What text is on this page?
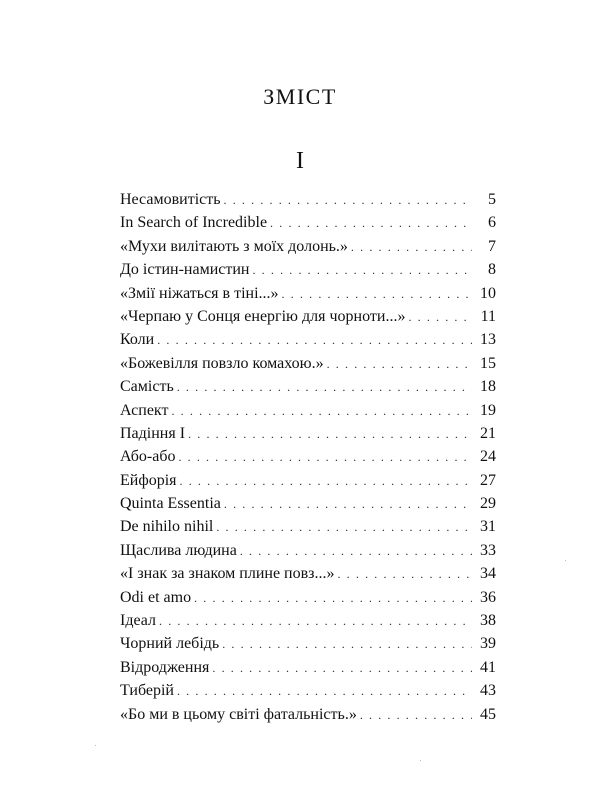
ЗМІСТ
І
Несамовитість . . .	5
In Search of Incredible . . .	6
«Мухи вилітають з моїх долонь.» . . .	7
До істин-намистин . . .	8
«Змії ніжаться в тіні...» . . .	10
«Черпаю у Сонця енергію для чорноти...» . . .	11
Коли . . .	13
«Божевілля повзло комахою.» . . .	15
Самість . . .	18
Аспект . . .	19
Падіння І . . .	21
Або-або . . .	24
Ейфорія . . .	27
Quinta Essentia . . .	29
De nihilo nihil . . .	31
Щаслива людина . . .	33
«І знак за знаком плине повз...» . . .	34
Odi et amo . . .	36
Ідеал . . .	38
Чорний лебідь . . .	39
Відродження . . .	41
Тиберій . . .	43
«Бо ми в цьому світі фатальність.» . . .	45
